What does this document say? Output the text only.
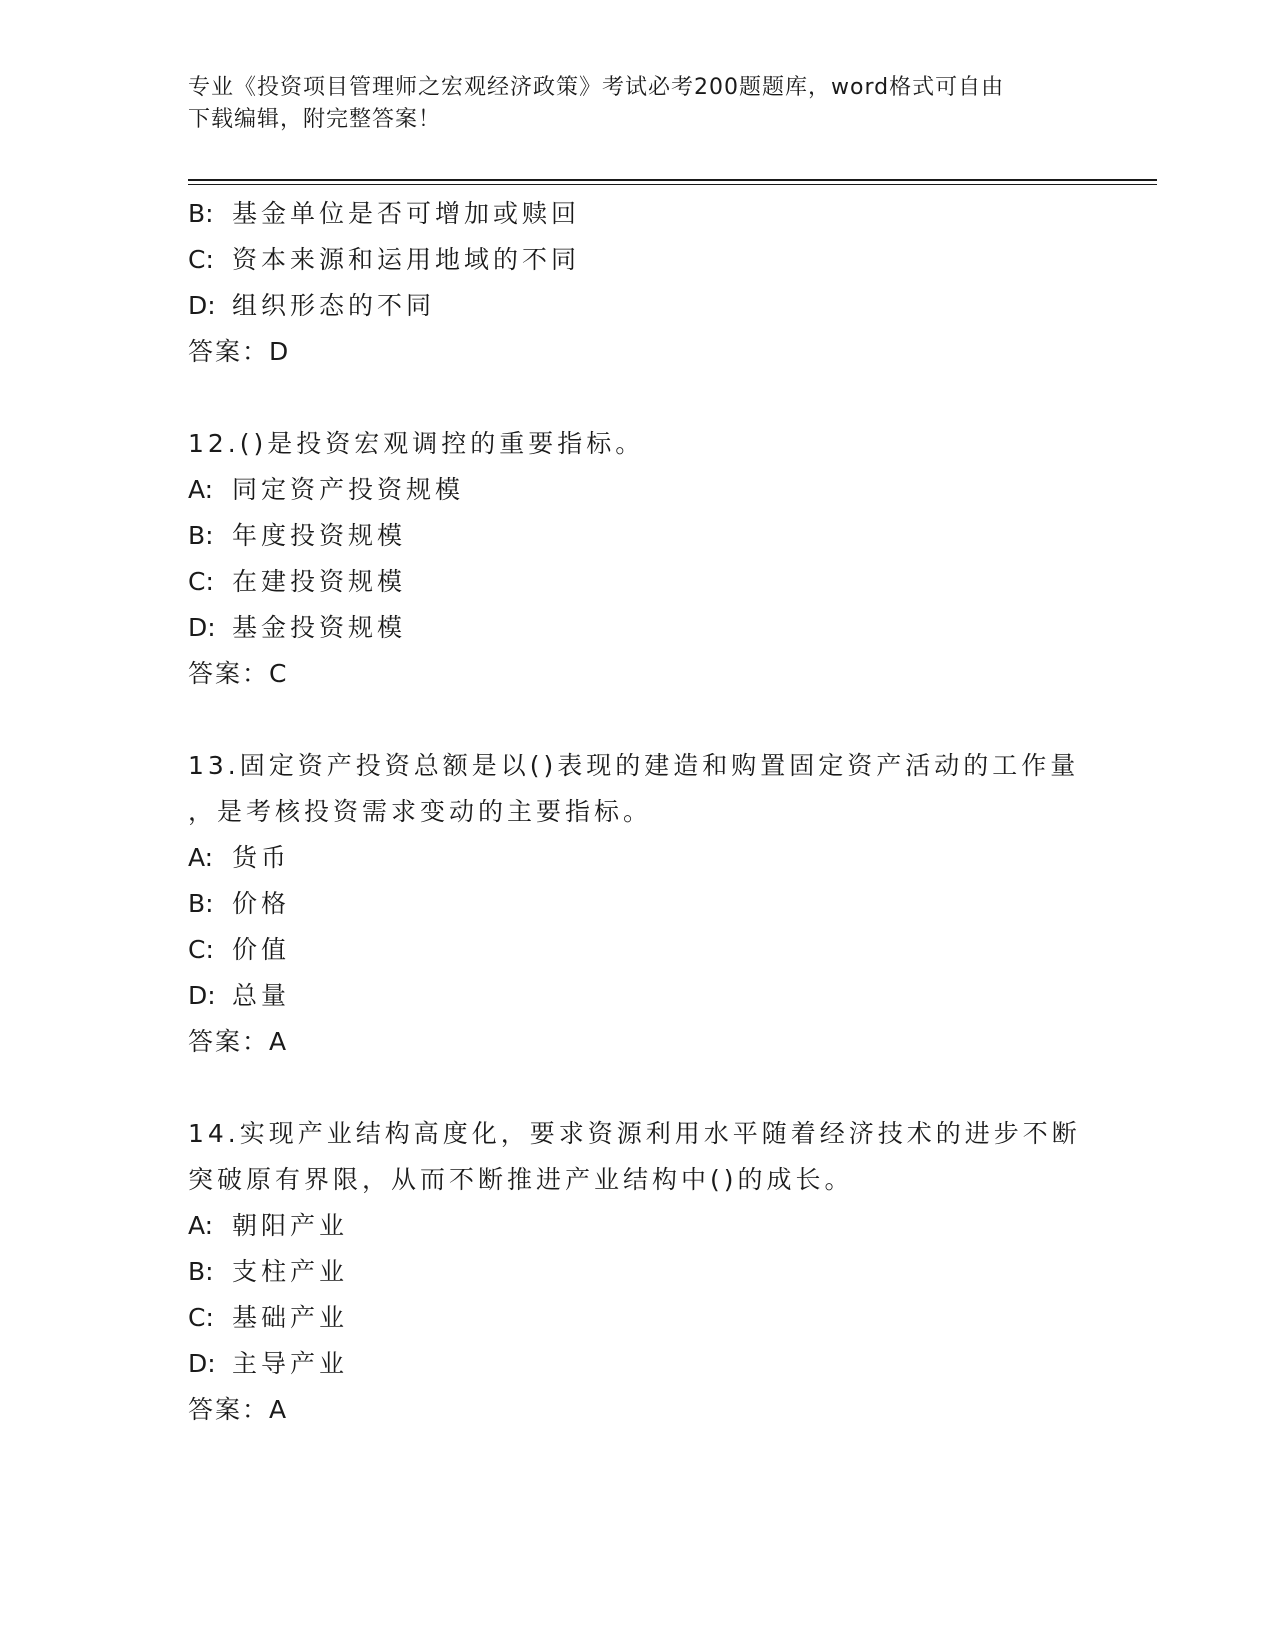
专业《投资项目管理师之宏观经济政策》考试必考200题题库，word格式可自由
下载编辑，附完整答案！
B: 基金单位是否可增加或赎回
C: 资本来源和运用地域的不同
D: 组织形态的不同
答案：D
12.()是投资宏观调控的重要指标。
A: 同定资产投资规模
B: 年度投资规模
C: 在建投资规模
D: 基金投资规模
答案：C
13.固定资产投资总额是以()表现的建造和购置固定资产活动的工作量
，是考核投资需求变动的主要指标。
A: 货币
B: 价格
C: 价值
D: 总量
答案：A
14.实现产业结构高度化，要求资源利用水平随着经济技术的进步不断
突破原有界限，从而不断推进产业结构中()的成长。
A: 朝阳产业
B: 支柱产业
C: 基础产业
D: 主导产业
答案：A
